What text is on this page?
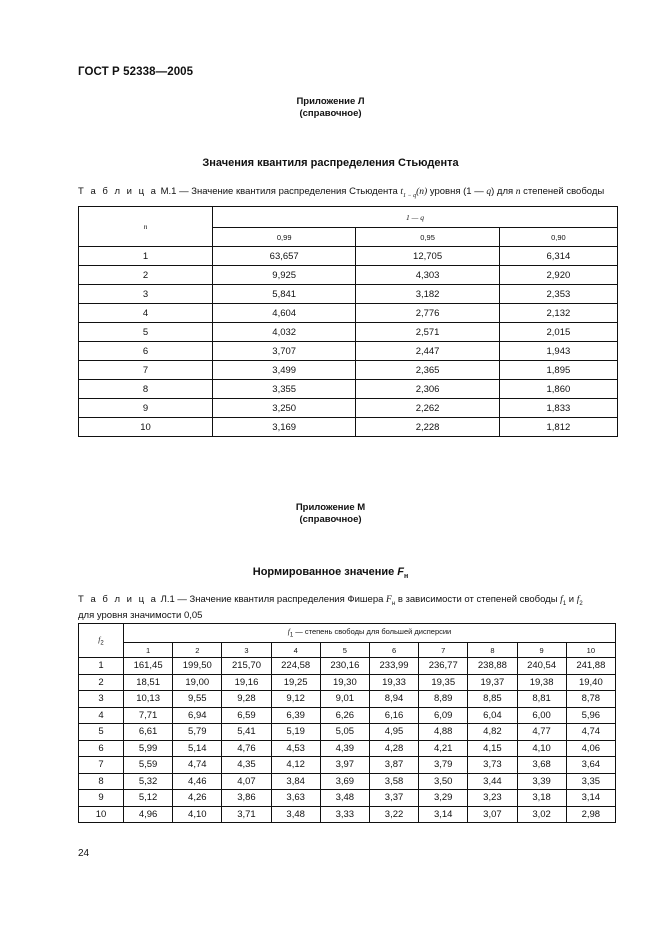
ГОСТ Р 52338—2005
Приложение Л
(справочное)
Значения квантиля распределения Стьюдента
Т а б л и ц а М.1 — Значение квантиля распределения Стьюдента $t_{1 - q}(n)$ уровня (1 — q) для n степеней свободы
n	1 — q		
	0,99	0,95	0,90
1	63,657	12,705	6,314
2	9,925	4,303	2,920
3	5,841	3,182	2,353
4	4,604	2,776	2,132
5	4,032	2,571	2,015
6	3,707	2,447	1,943
7	3,499	2,365	1,895
8	3,355	2,306	1,860
9	3,250	2,262	1,833
10	3,169	2,228	1,812
Приложение М
(справочное)
Нормированное значение $F_н$
Т а б л и ц а Л.1 — Значение квантиля распределения Фишера $F_н$ в зависимости от степеней свободы $f_1$ и $f_2$
для уровня значимости 0,05
$f_2$	$f_1$ — степень свободы для большей дисперсии									
	1	2	3	4	5	6	7	8	9	10
1	161,45	199,50	215,70	224,58	230,16	233,99	236,77	238,88	240,54	241,88
2	18,51	19,00	19,16	19,25	19,30	19,33	19,35	19,37	19,38	19,40
3	10,13	9,55	9,28	9,12	9,01	8,94	8,89	8,85	8,81	8,78
4	7,71	6,94	6,59	6,39	6,26	6,16	6,09	6,04	6,00	5,96
5	6,61	5,79	5,41	5,19	5,05	4,95	4,88	4,82	4,77	4,74
6	5,99	5,14	4,76	4,53	4,39	4,28	4,21	4,15	4,10	4,06
7	5,59	4,74	4,35	4,12	3,97	3,87	3,79	3,73	3,68	3,64
8	5,32	4,46	4,07	3,84	3,69	3,58	3,50	3,44	3,39	3,35
9	5,12	4,26	3,86	3,63	3,48	3,37	3,29	3,23	3,18	3,14
10	4,96	4,10	3,71	3,48	3,33	3,22	3,14	3,07	3,02	2,98
24
